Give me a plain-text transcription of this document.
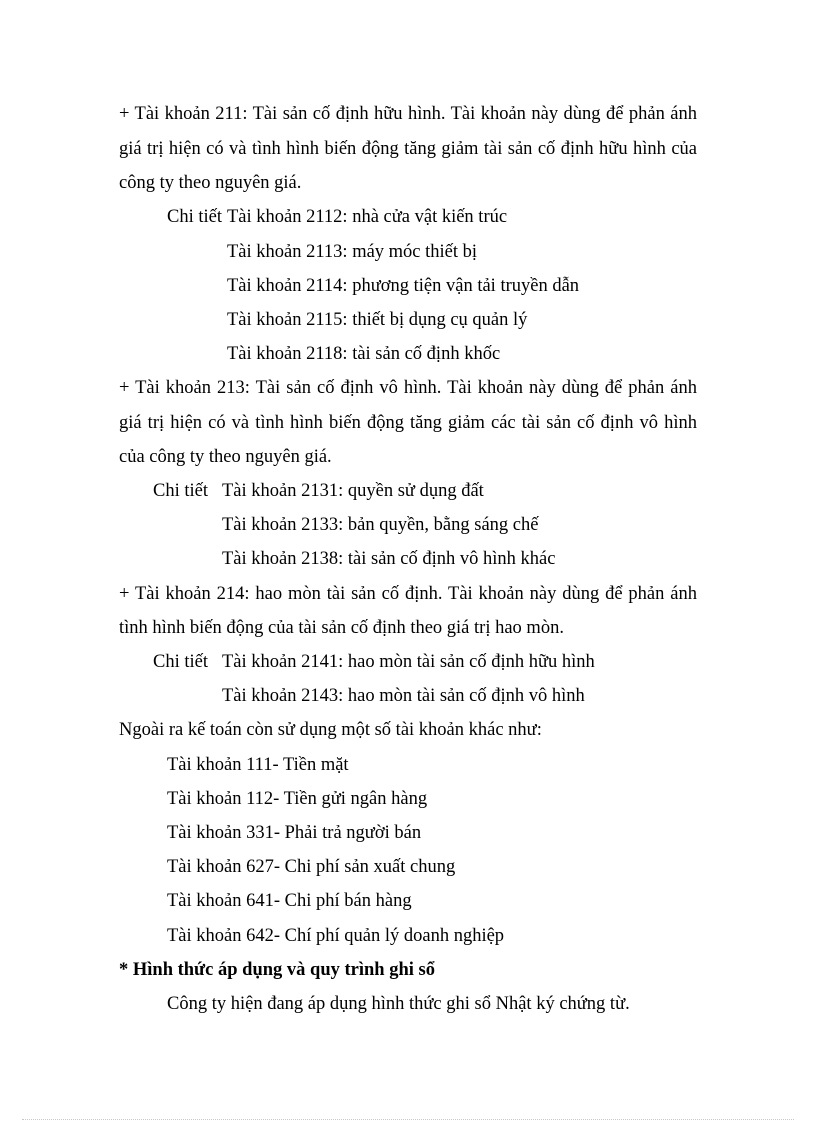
+ Tài khoản 211: Tài sản cố định hữu hình. Tài khoản này dùng để phản ánh
giá trị hiện có và tình hình biến động tăng giảm tài sản cố định hữu hình của
công ty theo nguyên giá.
Chi tiết Tài khoản 2112: nhà cửa vật kiến trúc
Tài khoản 2113: máy móc thiết bị
Tài khoản 2114: phương tiện vận tải truyền dẫn
Tài khoản 2115: thiết bị dụng cụ quản lý
Tài khoản 2118: tài sản cố định khốc
+ Tài khoản 213: Tài sản cố định vô hình. Tài khoản này dùng để phản ánh
giá trị hiện có và tình hình biến động tăng giảm các tài sản cố định vô hình
của công ty theo nguyên giá.
Chi tiết Tài khoản 2131: quyền sử dụng đất
Tài khoản 2133: bản quyền, bằng sáng chế
Tài khoản 2138: tài sản cố định vô hình khác
+ Tài khoản 214: hao mòn tài sản cố định. Tài khoản này dùng để phản ánh
tình hình biến động của tài sản cố định theo giá trị hao mòn.
Chi tiết Tài khoản 2141: hao mòn tài sản cố định hữu hình
Tài khoản 2143: hao mòn tài sản cố định vô hình
Ngoài ra kế toán còn sử dụng một số tài khoản khác như:
Tài khoản 111- Tiền mặt
Tài khoản 112- Tiền gửi ngân hàng
Tài khoản 331- Phải trả người bán
Tài khoản 627- Chi phí sản xuất chung
Tài khoản 641- Chi phí bán hàng
Tài khoản 642- Chí phí quản lý doanh nghiệp
* Hình thức áp dụng và quy trình ghi sổ
Công ty hiện đang áp dụng hình thức ghi sổ Nhật ký chứng từ.
